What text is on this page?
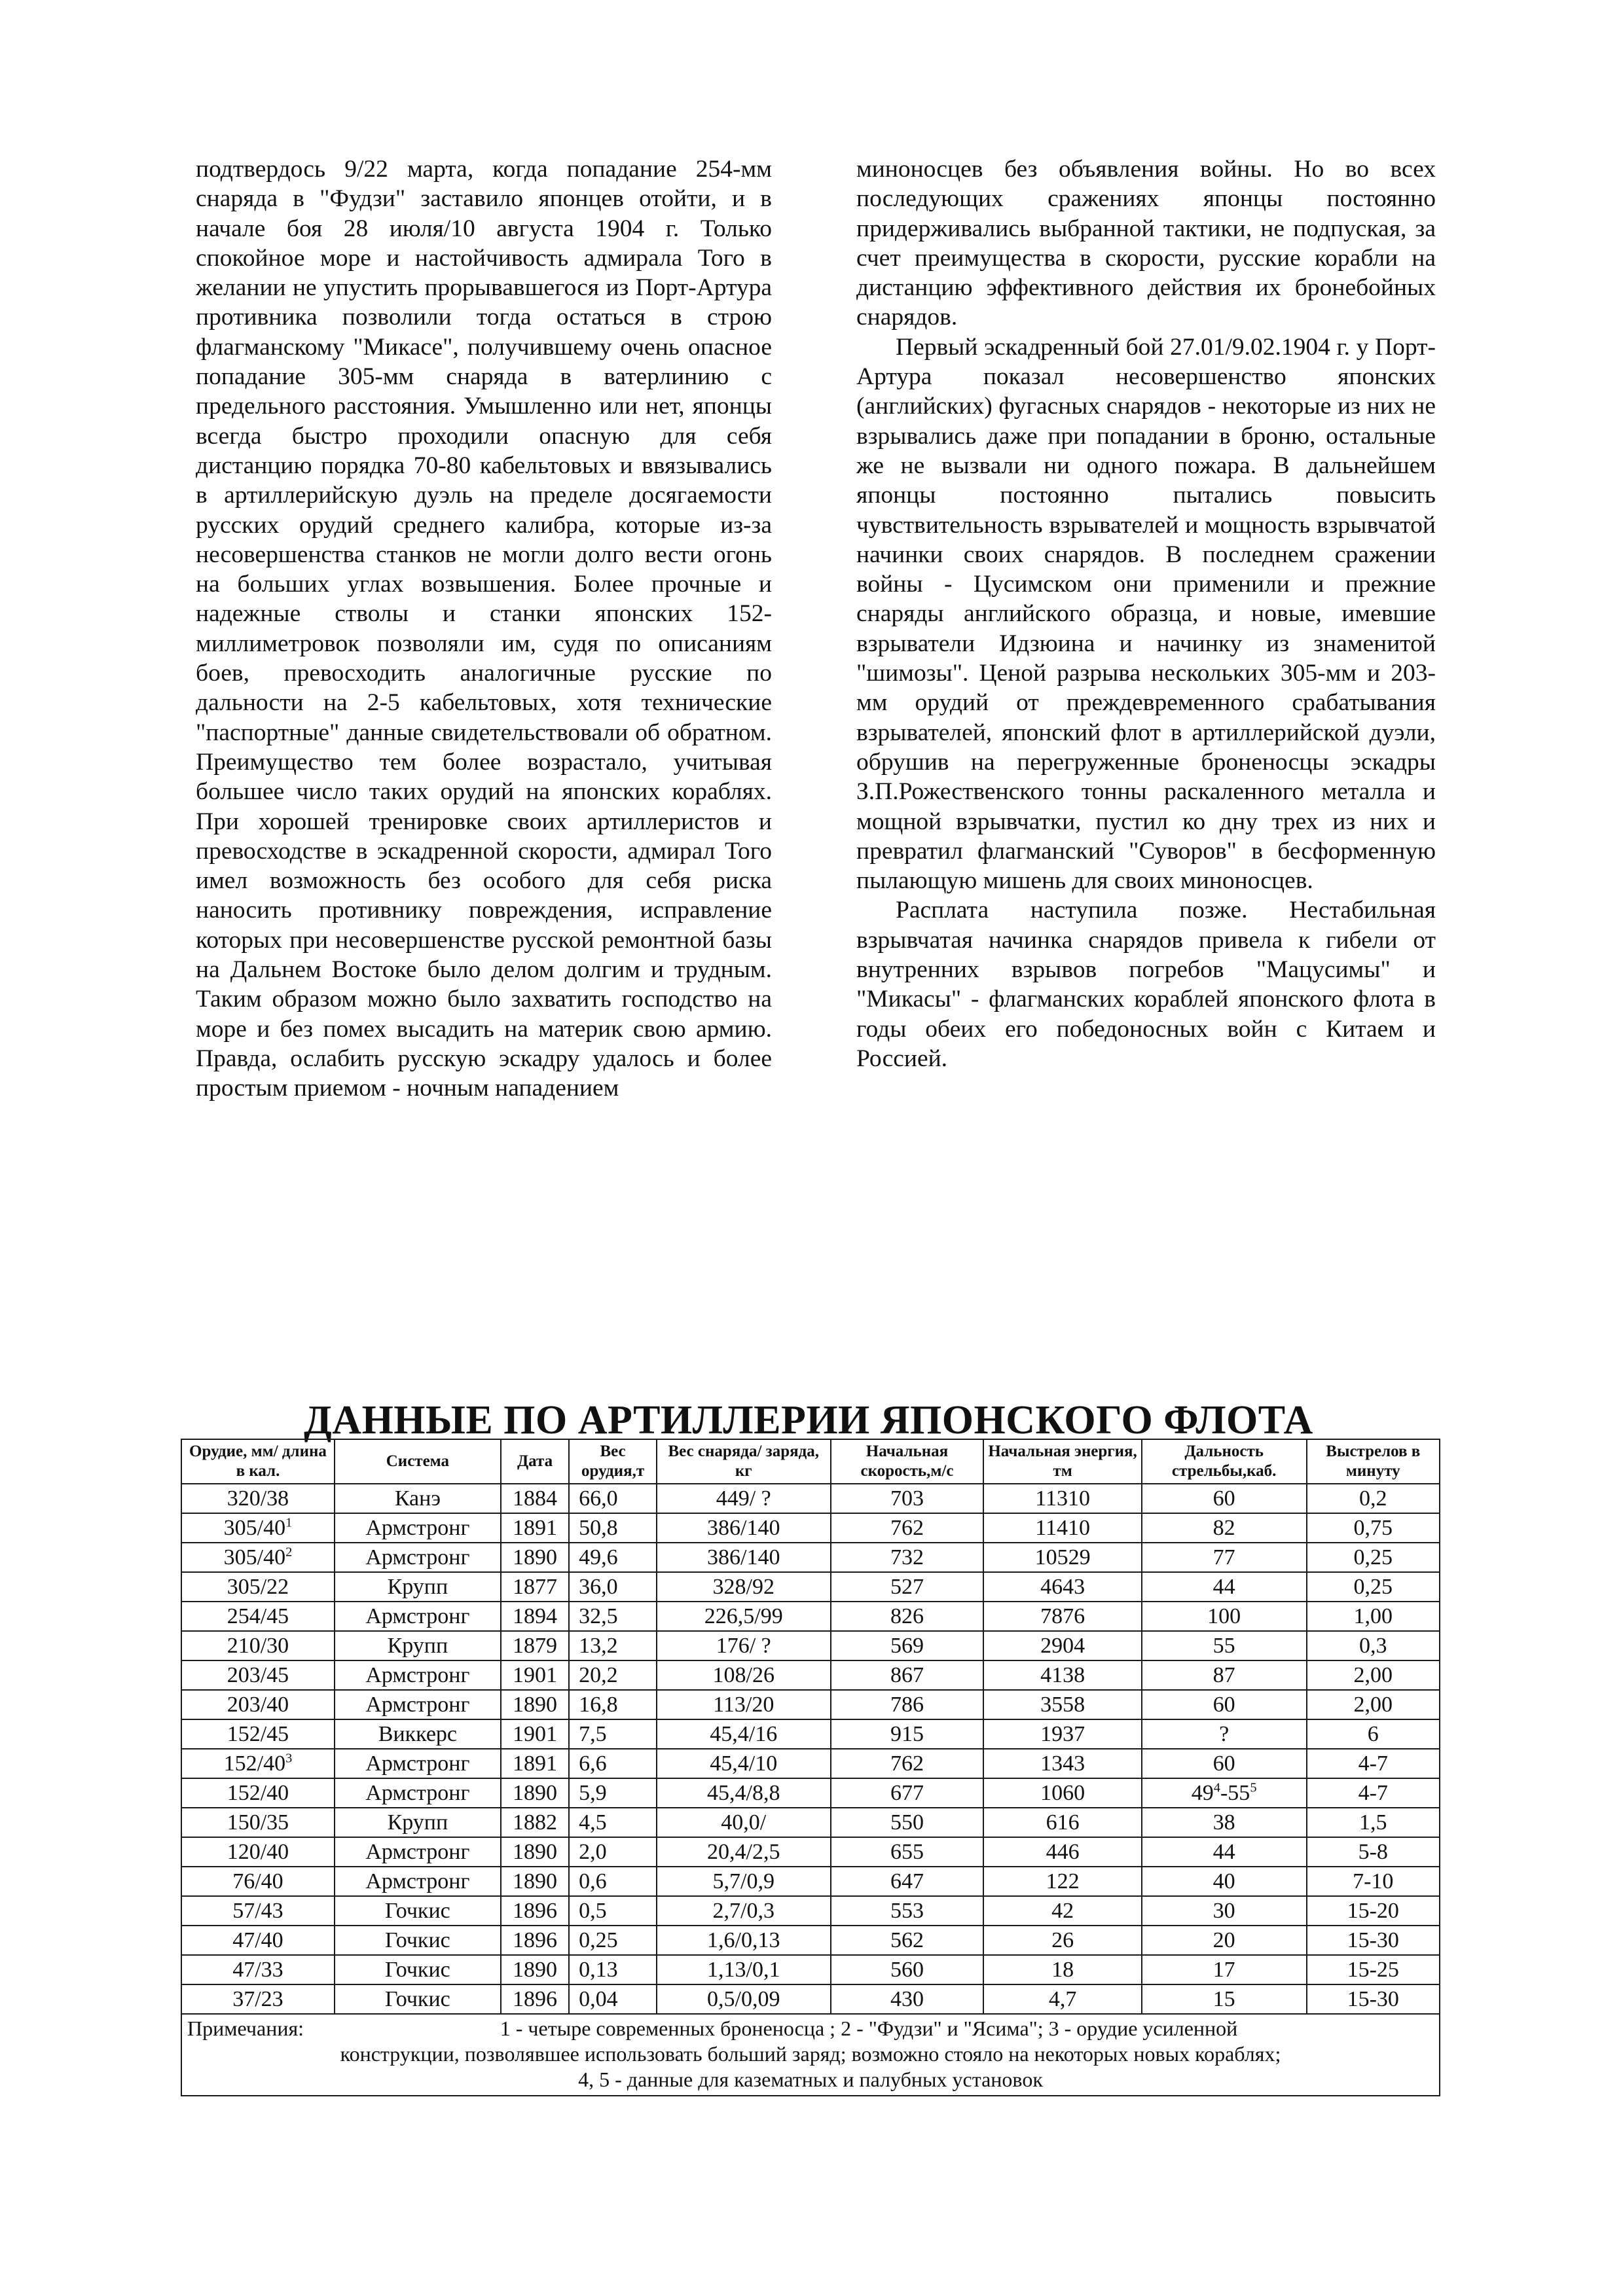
подтвердось 9/22 марта, когда попадание 254-мм снаряда в "Фудзи" заставило японцев отойти, и в начале боя 28 июля/10 августа 1904 г. Только спокойное море и настойчивость адмирала Того в желании не упустить прорывавшегося из Порт-Артура противника позволили тогда остаться в строю флагманскому "Микасе", получившему очень опасное попадание 305-мм снаряда в ватерлинию с предельного расстояния. Умышленно или нет, японцы всегда быстро проходили опасную для себя дистанцию порядка 70-80 кабельтовых и ввязывались в артиллерийскую дуэль на пределе досягаемости русских орудий среднего калибра, которые из-за несовершенства станков не могли долго вести огонь на больших углах возвышения. Более прочные и надежные стволы и станки японских 152-миллиметровок позволяли им, судя по описаниям боев, превосходить аналогичные русские по дальности на 2-5 кабельтовых, хотя технические "паспортные" данные свидетельствовали об обратном. Преимущество тем более возрастало, учитывая большее число таких орудий на японских кораблях. При хорошей тренировке своих артиллеристов и превосходстве в эскадренной скорости, адмирал Того имел возможность без особого для себя риска наносить противнику повреждения, исправление которых при несовершенстве русской ремонтной базы на Дальнем Востоке было делом долгим и трудным. Таким образом можно было захватить господство на море и без помех высадить на материк свою армию. Правда, ослабить русскую эскадру удалось и более простым приемом - ночным нападением

миноносцев без объявления войны. Но во всех последующих сражениях японцы постоянно придерживались выбранной тактики, не подпуская, за счет преимущества в скорости, русские корабли на дистанцию эффективного действия их бронебойных снарядов.

Первый эскадренный бой 27.01/9.02.1904 г. у Порт-Артура показал несовершенство японских (английских) фугасных снарядов - некоторые из них не взрывались даже при попадании в броню, остальные же не вызвали ни одного пожара. В дальнейшем японцы постоянно пытались повысить чувствительность взрывателей и мощность взрывчатой начинки своих снарядов. В последнем сражении войны - Цусимском они применили и прежние снаряды английского образца, и новые, имевшие взрыватели Идзюина и начинку из знаменитой "шимозы". Ценой разрыва нескольких 305-мм и 203-мм орудий от преждевременного срабатывания взрывателей, японский флот в артиллерийской дуэли, обрушив на перегруженные броненосцы эскадры З.П.Рожественского тонны раскаленного металла и мощной взрывчатки, пустил ко дну трех из них и превратил флагманский "Суворов" в бесформенную пылающую мишень для своих миноносцев.

Расплата наступила позже. Нестабильная взрывчатая начинка снарядов привела к гибели от внутренних взрывов погребов "Мацусимы" и "Микасы" - флагманских кораблей японского флота в годы обеих его победоносных войн с Китаем и Россией.

ДАННЫЕ ПО АРТИЛЛЕРИИ ЯПОНСКОГО ФЛОТА
Орудие, мм/ длина в кал.	Система	Дата	Вес орудия,т	Вес снаряда/ заряда, кг	Начальная скорость,м/с	Начальная энергия, тм	Дальность стрельбы,каб.	Выстрелов в минуту
320/38	Канэ	1884	66,0	449/ ?	703	11310	60	0,2
$305/40^1$	Армстронг	1891	50,8	386/140	762	11410	82	0,75
$305/40^2$	Армстронг	1890	49,6	386/140	732	10529	77	0,25
305/22	Крупп	1877	36,0	328/92	527	4643	44	0,25
254/45	Армстронг	1894	32,5	226,5/99	826	7876	100	1,00
210/30	Крупп	1879	13,2	176/ ?	569	2904	55	0,3
203/45	Армстронг	1901	20,2	108/26	867	4138	87	2,00
203/40	Армстронг	1890	16,8	113/20	786	3558	60	2,00
152/45	Виккерс	1901	7,5	45,4/16	915	1937	?	6
$152/40^3$	Армстронг	1891	6,6	45,4/10	762	1343	60	4-7
152/40	Армстронг	1890	5,9	45,4/8,8	677	1060	$49^4-55^5$	4-7
150/35	Крупп	1882	4,5	40,0/	550	616	38	1,5
120/40	Армстронг	1890	2,0	20,4/2,5	655	446	44	5-8
76/40	Армстронг	1890	0,6	5,7/0,9	647	122	40	7-10
57/43	Гочкис	1896	0,5	2,7/0,3	553	42	30	15-20
47/40	Гочкис	1896	0,25	1,6/0,13	562	26	20	15-30
47/33	Гочкис	1890	0,13	1,13/0,1	560	18	17	15-25
37/23	Гочкис	1896	0,04	0,5/0,09	430	4,7	15	15-30

Примечания: 1 - четыре современных броненосца ; 2 - "Фудзи" и "Ясима"; 3 - орудие усиленной
конструкции, позволявшее использовать больший заряд; возможно стояло на некоторых новых кораблях;
4, 5 - данные для казематных и палубных установок								
